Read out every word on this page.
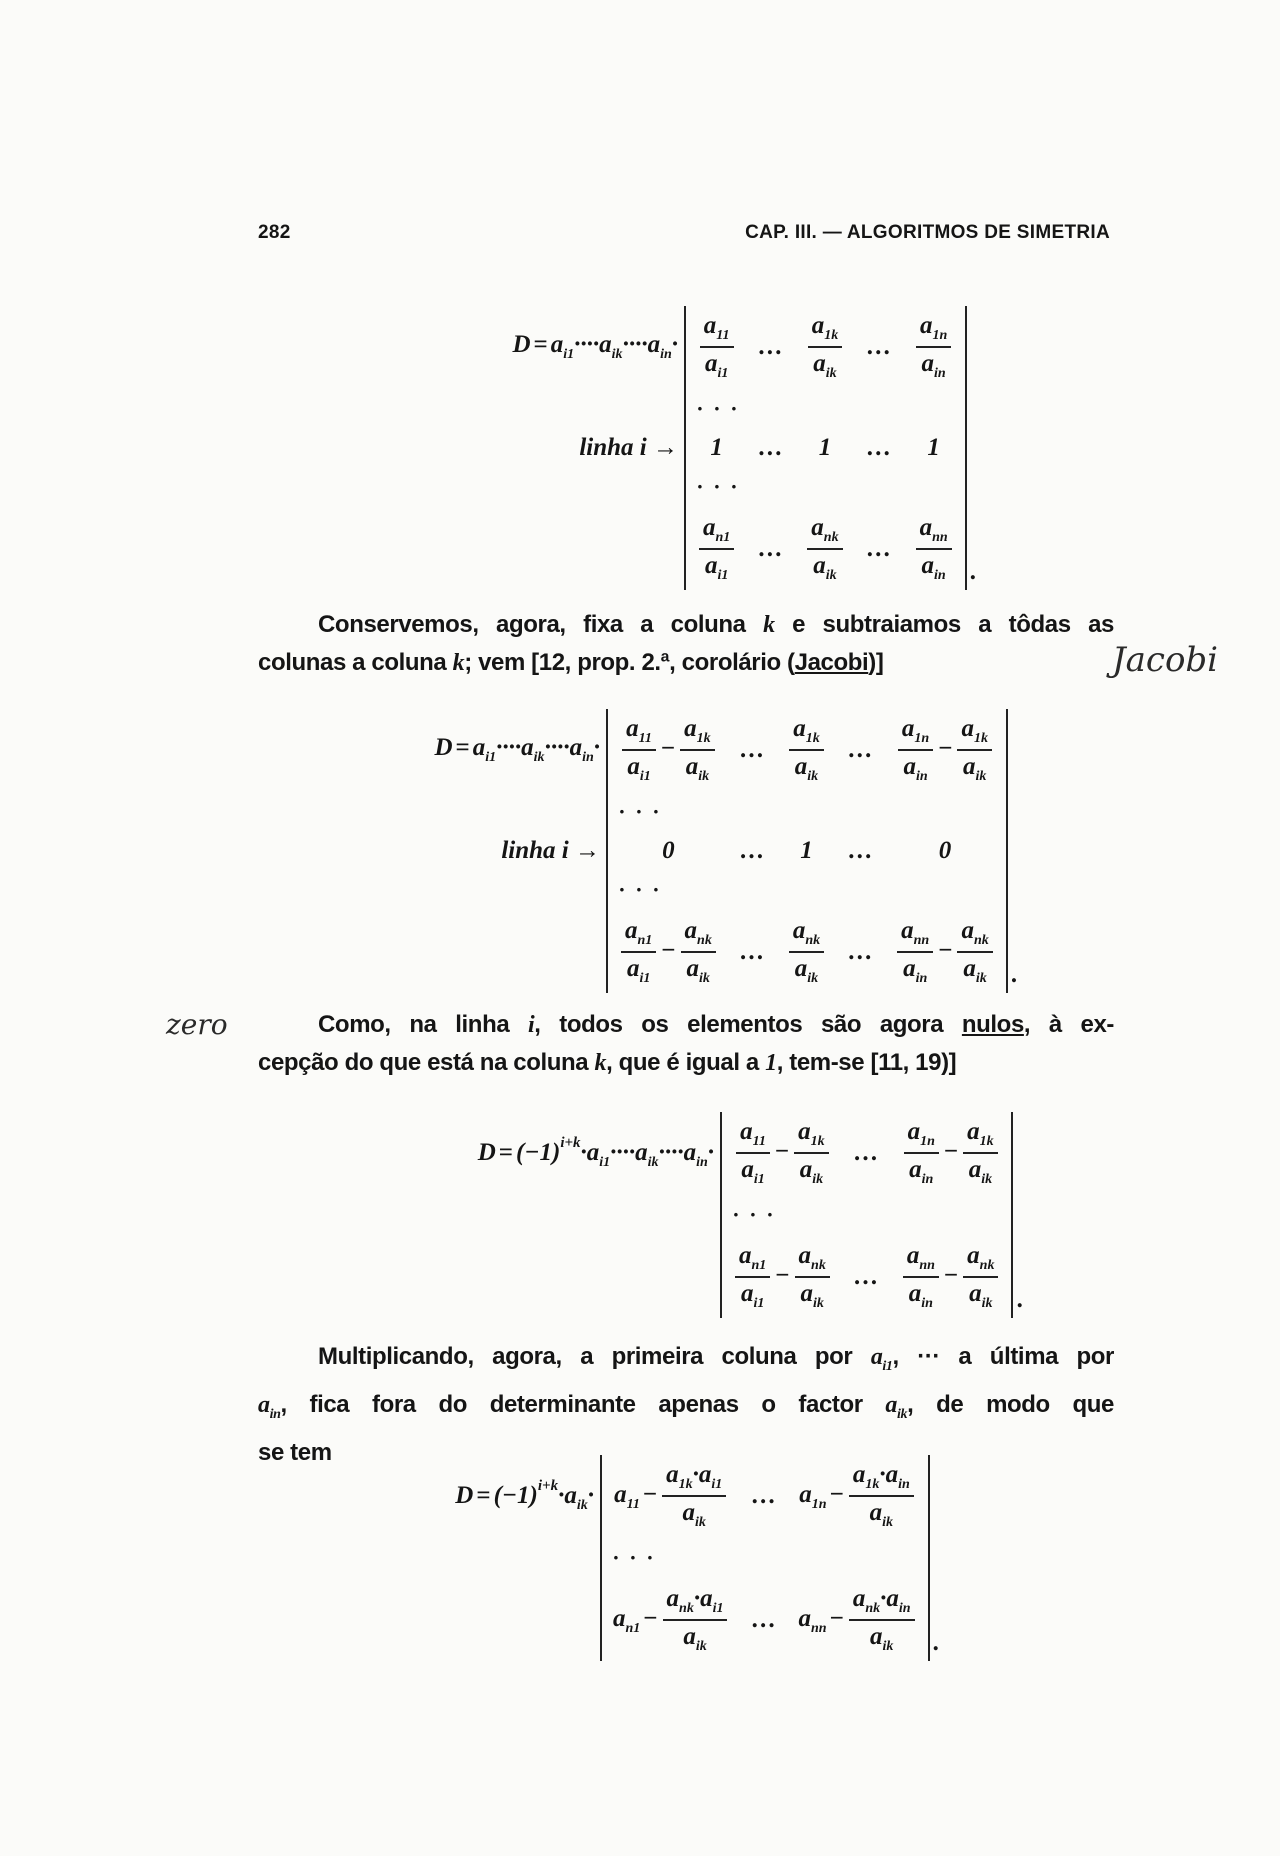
282	CAP. III. — ALGORITMOS DE SIMETRIA
$D = a_{i1}\cdot\cdot\cdot\cdot a_{ik}\cdot\cdot\cdot\cdot a_{in}\cdot$	$\frac{a_{11}}{a_{i1}}$	…	$\frac{a_{1k}}{a_{ik}}$	…	$\frac{a_{1n}}{a_{in}}$

	· · ·					
linha i →	1	…	1	…	1	
	· · ·					

	$\frac{a_{n1}}{a_{i1}}$	…	$\frac{a_{nk}}{a_{ik}}$	…	$\frac{a_{nn}}{a_{in}}$	.
Conservemos, agora, fixa a coluna k e subtraiamos a tôdas as
colunas a coluna k; vem [12, prop. 2.ª, corolário (Jacobi)]
$D = a_{i1}\cdot\cdot\cdot\cdot a_{ik}\cdot\cdot\cdot\cdot a_{in}\cdot$	$\frac{a_{11}}{a_{i1}} - \frac{a_{1k}}{a_{ik}}$	…	$\frac{a_{1k}}{a_{ik}}$	…	$\frac{a_{1n}}{a_{in}} - \frac{a_{1k}}{a_{ik}}$

	· · ·					
linha i →	0	…	1	…	0	
	· · ·					

	$\frac{a_{n1}}{a_{i1}} - \frac{a_{nk}}{a_{ik}}$	…	$\frac{a_{nk}}{a_{ik}}$	…	$\frac{a_{nn}}{a_{in}} - \frac{a_{nk}}{a_{ik}}$	.
Como, na linha i, todos os elementos são agora nulos, à ex-
cepção do que está na coluna k, que é igual a 1, tem-se [11, 19)]
$D = (-1)^{i+k}\cdot a_{i1}\cdot\cdot\cdot\cdot a_{ik}\cdot\cdot\cdot\cdot a_{in}\cdot$	$\frac{a_{11}}{a_{i1}} - \frac{a_{1k}}{a_{ik}}$	…	$\frac{a_{1n}}{a_{in}} - \frac{a_{1k}}{a_{ik}}$

	· · ·			

	$\frac{a_{n1}}{a_{i1}} - \frac{a_{nk}}{a_{ik}}$	…	$\frac{a_{nn}}{a_{in}} - \frac{a_{nk}}{a_{ik}}$	.
Multiplicando, agora, a primeira coluna por $a_{i1}$, ··· a última por
$a_{in}$, fica fora do determinante apenas o factor $a_{ik}$, de modo que
se tem
$D = (-1)^{i+k}\cdot a_{ik}\cdot$	$a_{11} - \frac{a_{1k}\cdot a_{i1}}{a_{ik}}$	…	$a_{1n} - \frac{a_{1k}\cdot a_{in}}{a_{ik}}$

	· · ·			
	$a_{n1} - \frac{a_{nk}\cdot a_{i1}}{a_{ik}}$	…	$a_{nn} - \frac{a_{nk}\cdot a_{in}}{a_{ik}}$	.
Jacobi
zero
